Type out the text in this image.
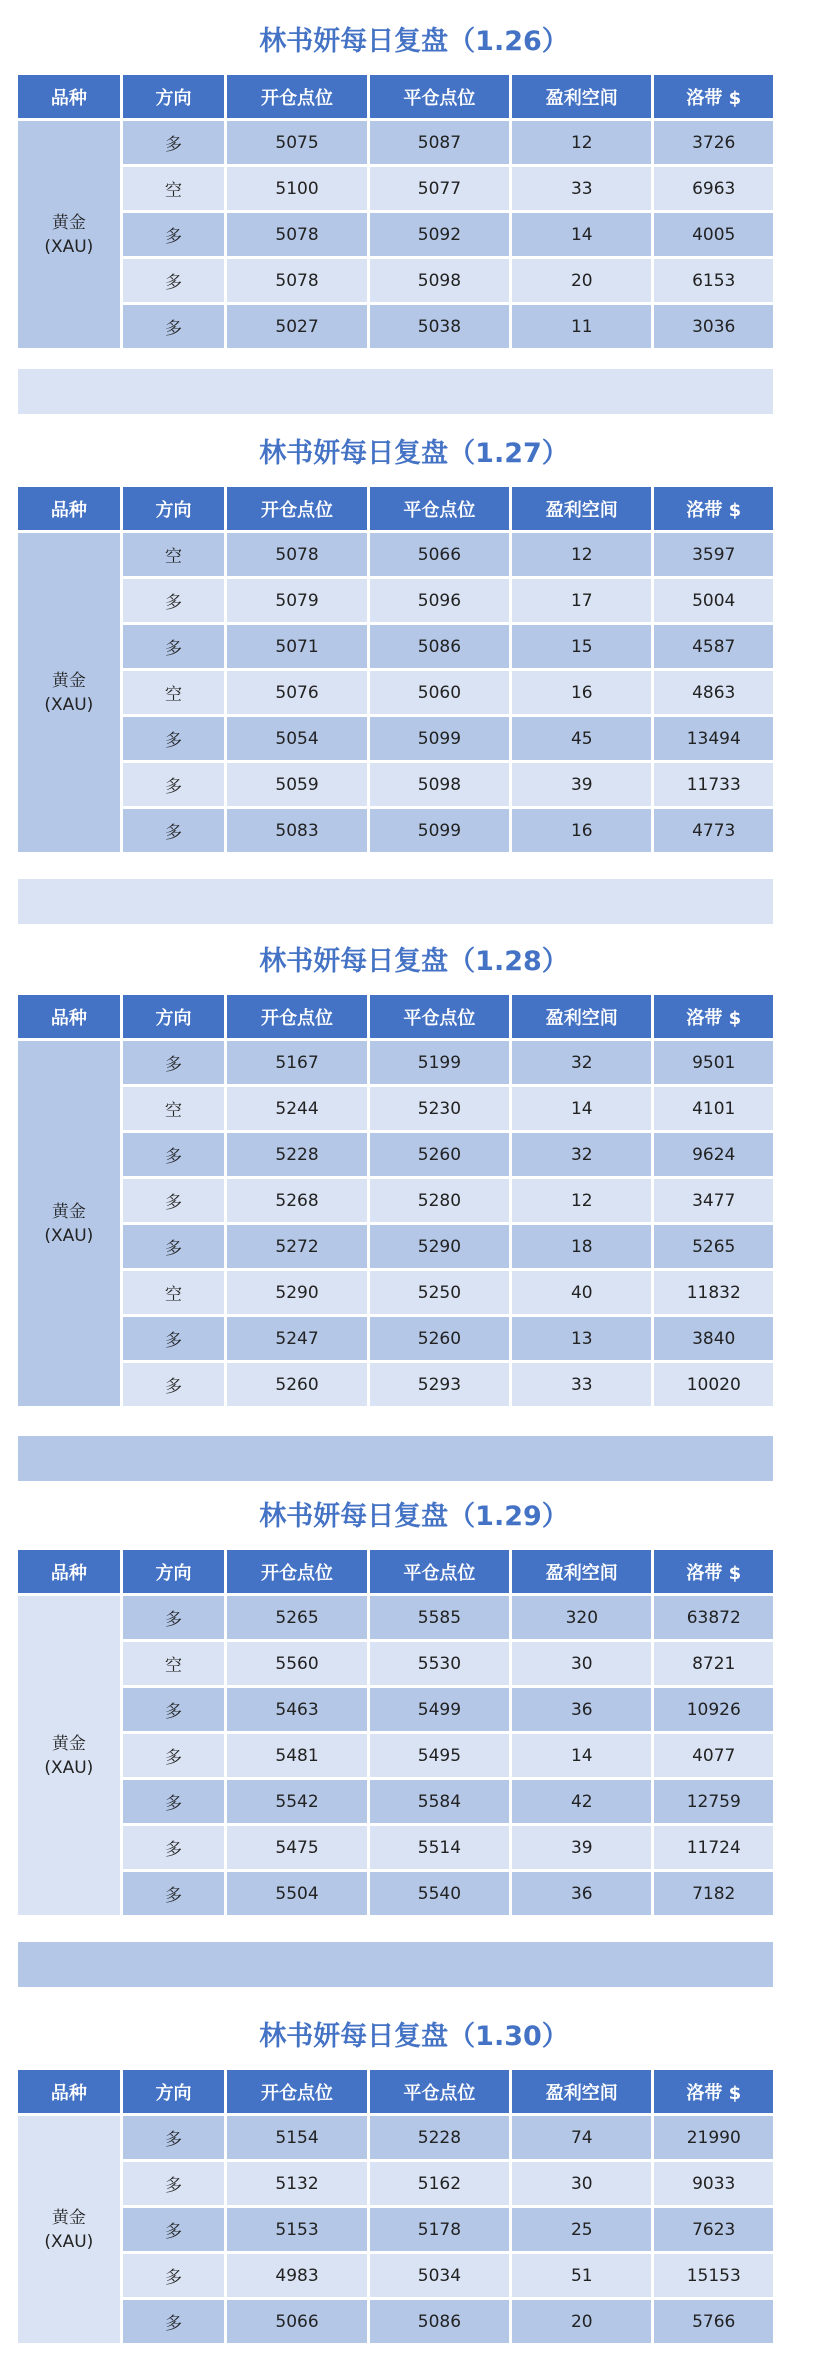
林书妍每日复盘（1.26）
品种	方向	开仓点位	平仓点位	盈利空间	洛带 $

黄金
(XAU)	多	5075	5087	12	3726
	空	5100	5077	33	6963
	多	5078	5092	14	4005
	多	5078	5098	20	6153
	多	5027	5038	11	3036
林书妍每日复盘（1.27）
品种	方向	开仓点位	平仓点位	盈利空间	洛带 $

黄金
(XAU)	空	5078	5066	12	3597
	多	5079	5096	17	5004
	多	5071	5086	15	4587
	空	5076	5060	16	4863
	多	5054	5099	45	13494
	多	5059	5098	39	11733
	多	5083	5099	16	4773
林书妍每日复盘（1.28）
品种	方向	开仓点位	平仓点位	盈利空间	洛带 $

黄金
(XAU)	多	5167	5199	32	9501
	空	5244	5230	14	4101
	多	5228	5260	32	9624
	多	5268	5280	12	3477
	多	5272	5290	18	5265
	空	5290	5250	40	11832
	多	5247	5260	13	3840
	多	5260	5293	33	10020
林书妍每日复盘（1.29）
品种	方向	开仓点位	平仓点位	盈利空间	洛带 $

黄金
(XAU)	多	5265	5585	320	63872
	空	5560	5530	30	8721
	多	5463	5499	36	10926
	多	5481	5495	14	4077
	多	5542	5584	42	12759
	多	5475	5514	39	11724
	多	5504	5540	36	7182
林书妍每日复盘（1.30）
品种	方向	开仓点位	平仓点位	盈利空间	洛带 $

黄金
(XAU)	多	5154	5228	74	21990
	多	5132	5162	30	9033
	多	5153	5178	25	7623
	多	4983	5034	51	15153
	多	5066	5086	20	5766
